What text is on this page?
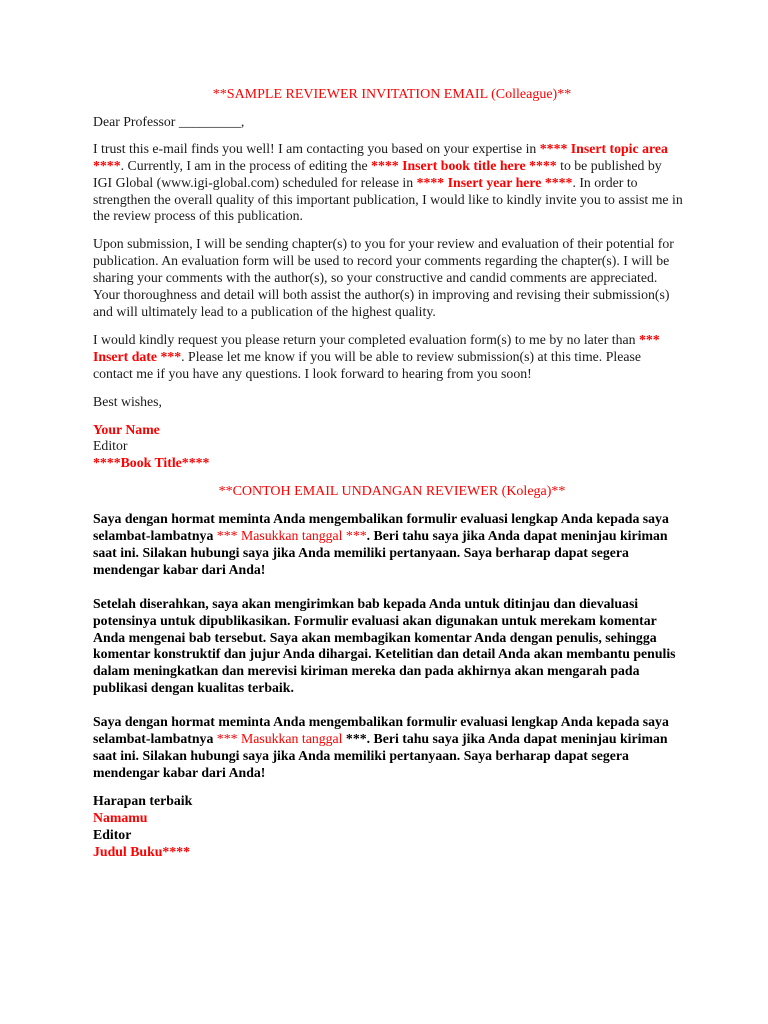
**SAMPLE REVIEWER INVITATION EMAIL (Colleague)**

Dear Professor _________,

I trust this e-mail finds you well! I am contacting you based on your expertise in **** Insert topic area ****. Currently, I am in the process of editing the **** Insert book title here **** to be published by IGI Global (www.igi-global.com) scheduled for release in **** Insert year here ****. In order to strengthen the overall quality of this important publication, I would like to kindly invite you to assist me in the review process of this publication.

Upon submission, I will be sending chapter(s) to you for your review and evaluation of their potential for publication. An evaluation form will be used to record your comments regarding the chapter(s). I will be sharing your comments with the author(s), so your constructive and candid comments are appreciated. Your thoroughness and detail will both assist the author(s) in improving and revising their submission(s) and will ultimately lead to a publication of the highest quality.

I would kindly request you please return your completed evaluation form(s) to me by no later than *** Insert date ***. Please let me know if you will be able to review submission(s) at this time. Please contact me if you have any questions. I look forward to hearing from you soon!

Best wishes,

Your Name

Editor

****Book Title****

**CONTOH EMAIL UNDANGAN REVIEWER (Kolega)**

Saya dengan hormat meminta Anda mengembalikan formulir evaluasi lengkap Anda kepada saya selambat-lambatnya *** Masukkan tanggal ***. Beri tahu saya jika Anda dapat meninjau kiriman saat ini. Silakan hubungi saya jika Anda memiliki pertanyaan. Saya berharap dapat segera mendengar kabar dari Anda!

Setelah diserahkan, saya akan mengirimkan bab kepada Anda untuk ditinjau dan dievaluasi potensinya untuk dipublikasikan. Formulir evaluasi akan digunakan untuk merekam komentar Anda mengenai bab tersebut. Saya akan membagikan komentar Anda dengan penulis, sehingga komentar konstruktif dan jujur Anda dihargai. Ketelitian dan detail Anda akan membantu penulis dalam meningkatkan dan merevisi kiriman mereka dan pada akhirnya akan mengarah pada publikasi dengan kualitas terbaik.

Saya dengan hormat meminta Anda mengembalikan formulir evaluasi lengkap Anda kepada saya selambat-lambatnya *** Masukkan tanggal ***. Beri tahu saya jika Anda dapat meninjau kiriman saat ini. Silakan hubungi saya jika Anda memiliki pertanyaan. Saya berharap dapat segera mendengar kabar dari Anda!

Harapan terbaik

Namamu

Editor

Judul Buku****
